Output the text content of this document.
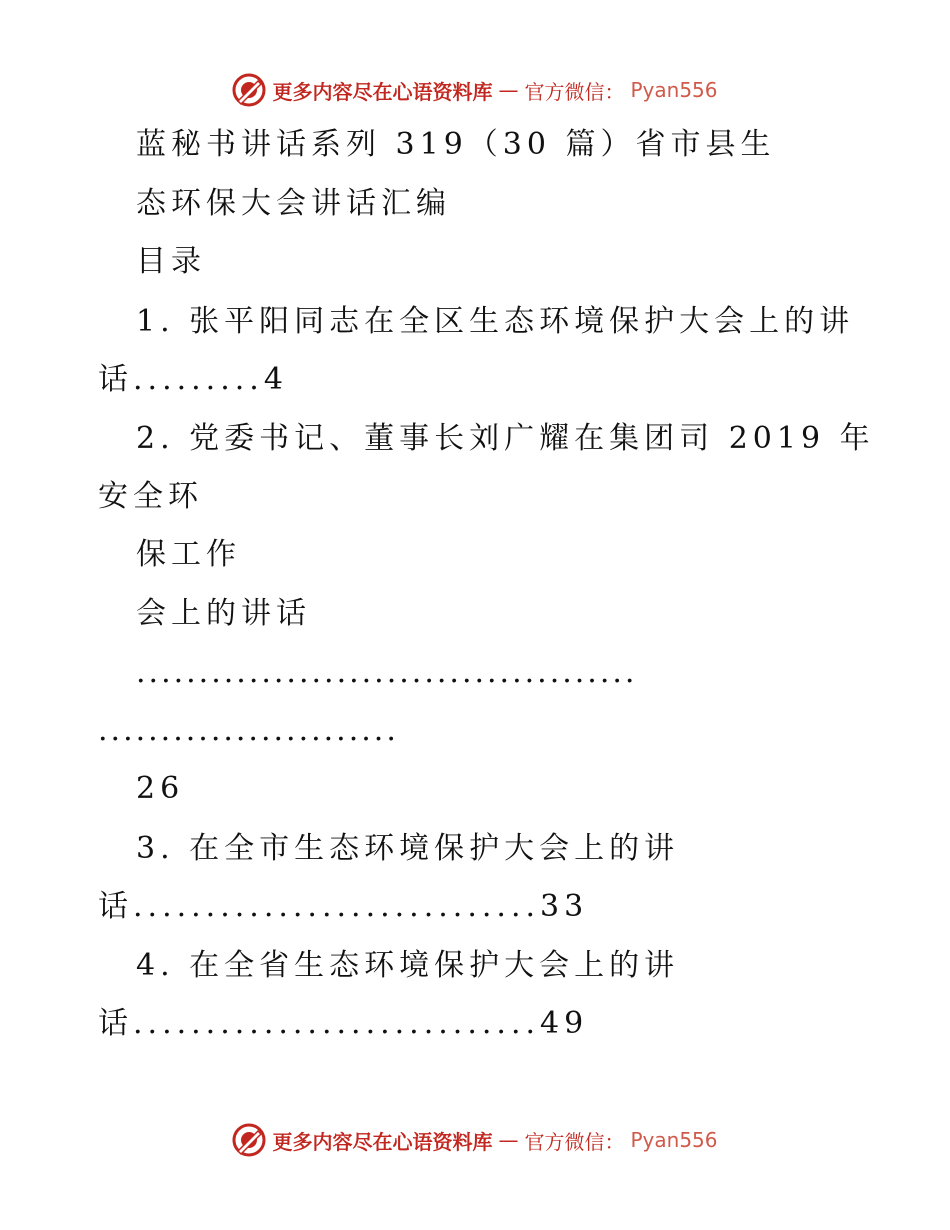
更多内容尽在心语资料库 — 官方微信： Pyan556
蓝秘书讲话系列 319（30 篇）省市县生
态环保大会讲话汇编
目录
1. 张平阳同志在全区生态环境保护大会上的讲
话.........4
2. 党委书记、董事长刘广耀在集团司 2019 年
安全环
保工作
会上的讲话
........................................
........................
26
3. 在全市生态环境保护大会上的讲
话............................33
4. 在全省生态环境保护大会上的讲
话............................49
更多内容尽在心语资料库 — 官方微信： Pyan556
